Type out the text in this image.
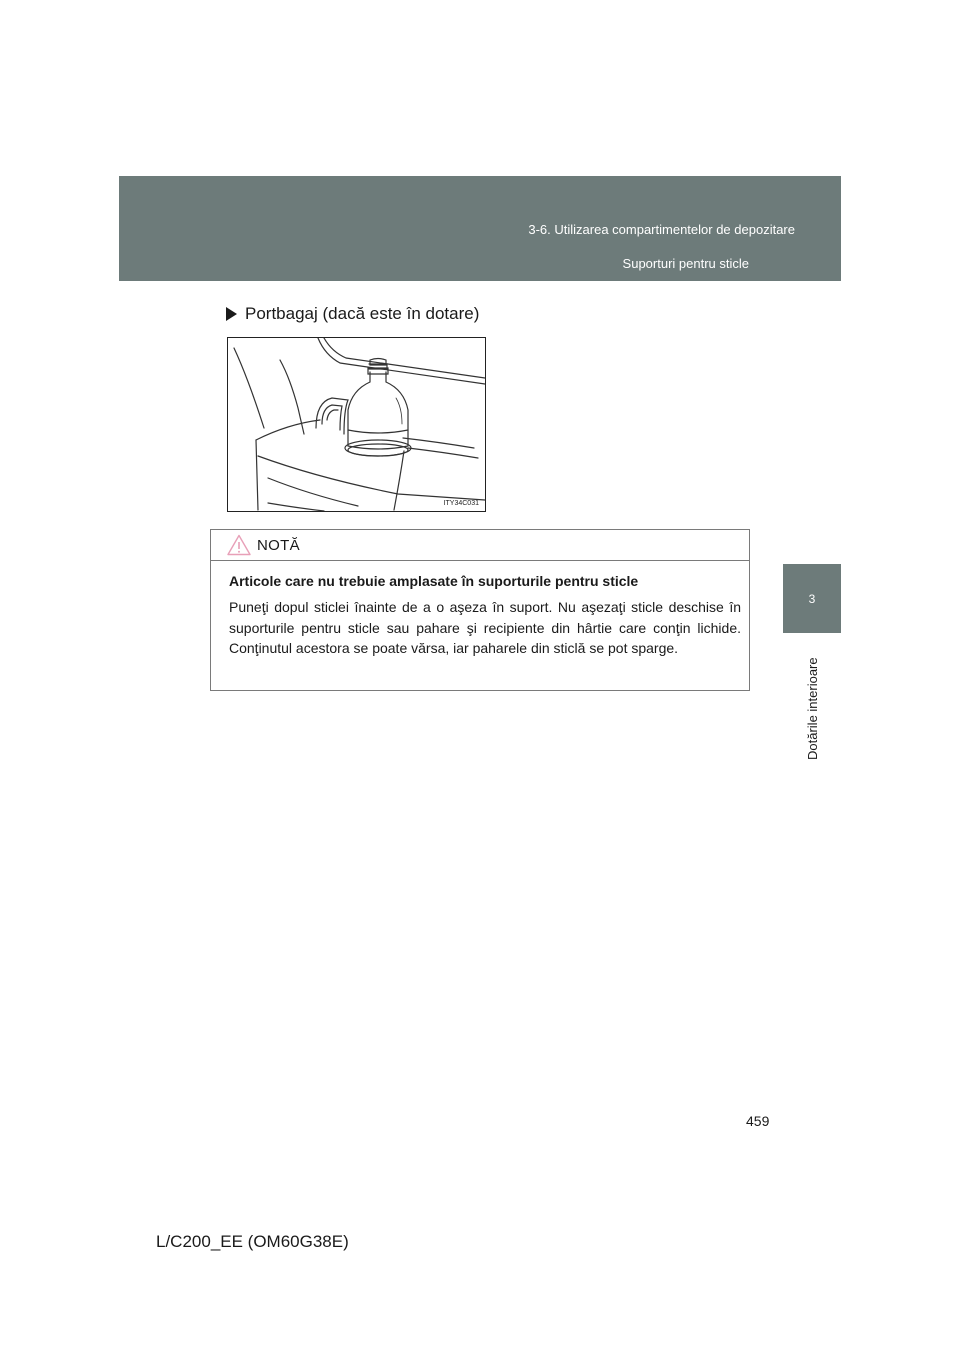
3-6. Utilizarea compartimentelor de depozitare
Suporturi pentru sticle
3
Dotările interioare
Portbagaj (dacă este în dotare)
ITY34C031
NOTĂ
Articole care nu trebuie amplasate în suporturile pentru sticle

Puneţi dopul sticlei înainte de a o aşeza în suport. Nu aşezaţi sticle deschise în suporturile pentru sticle sau pahare şi recipiente din hârtie care conţin lichide. Conţinutul acestora se poate vărsa, iar paharele din sticlă se pot sparge.

459
L/C200_EE (OM60G38E)
